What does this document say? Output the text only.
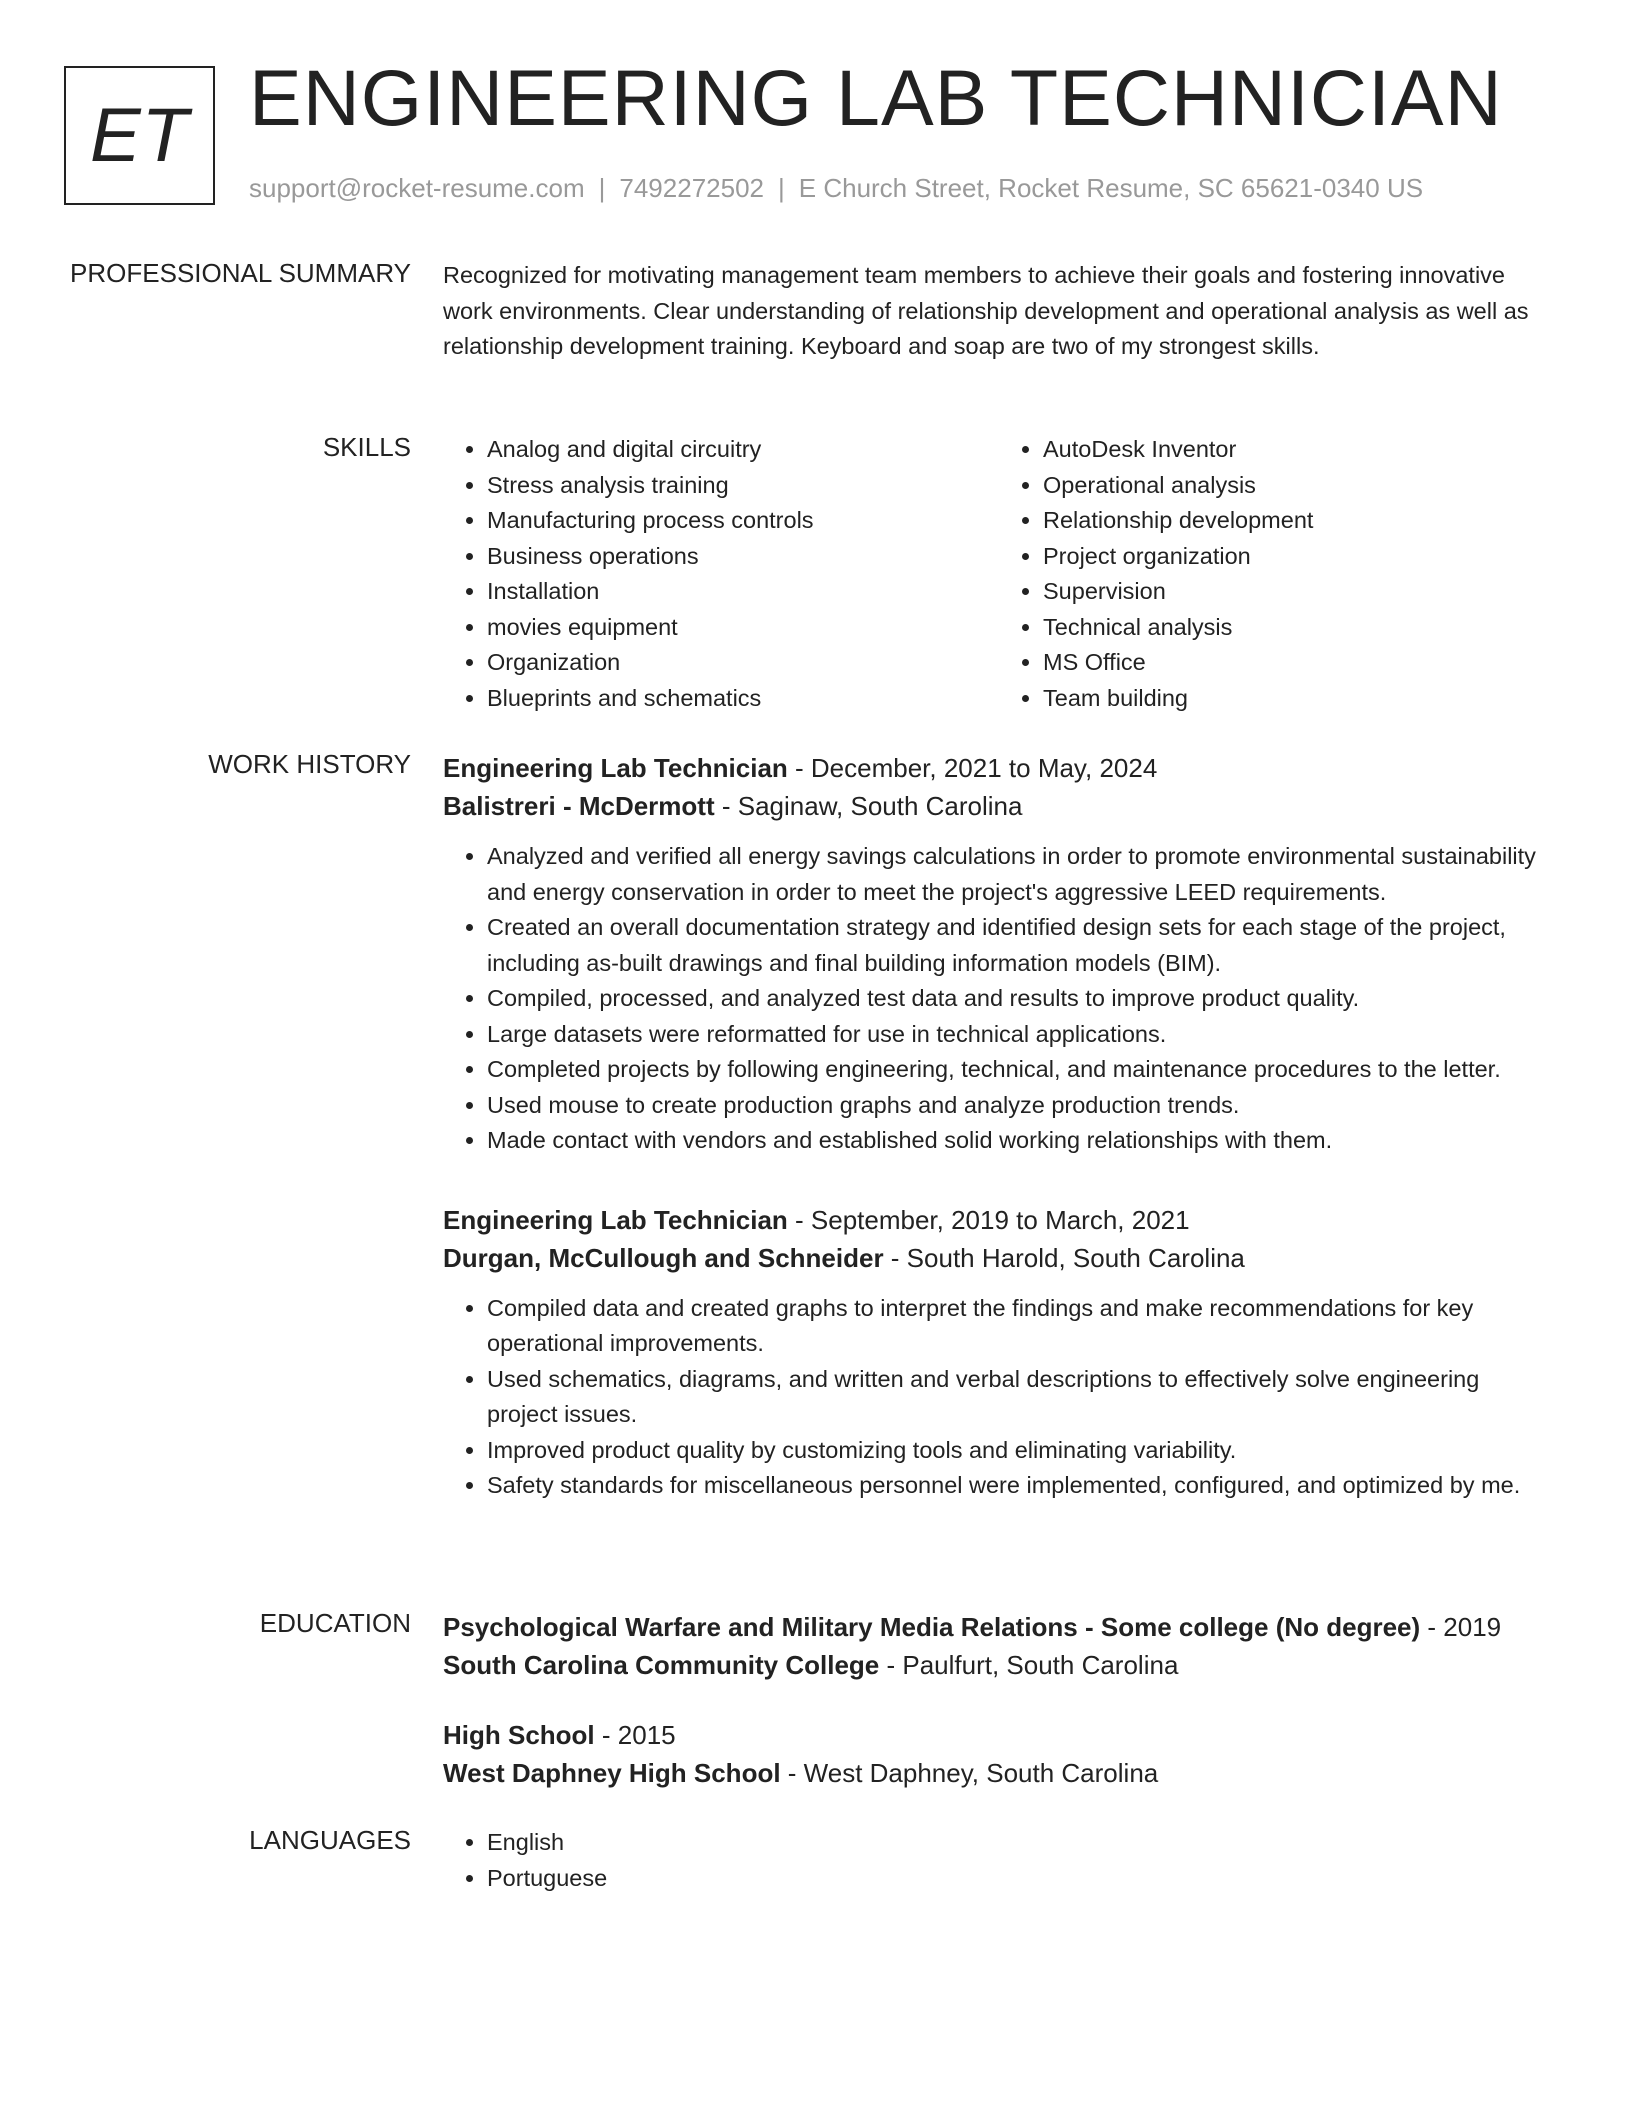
ET ENGINEERING LAB TECHNICIAN
support@rocket-resume.com | 7492272502 | E Church Street, Rocket Resume, SC 65621-0340 US
PROFESSIONAL SUMMARY Recognized for motivating management team members to achieve their goals and fostering innovative work environments. Clear understanding of relationship development and operational analysis as well as relationship development training. Keyboard and soap are two of my strongest skills.

SKILLS	• Analog and digital circuitry
• Stress analysis training
• Manufacturing process controls
• Business operations
• Installation
• movies equipment
• Organization
• Blueprints and schematics
• AutoDesk Inventor
• Operational analysis
• Relationship development
• Project organization
• Supervision
• Technical analysis
• MS Office
• Team building
WORK HISTORY Engineering Lab Technician - December, 2021 to May, 2024
Balistreri - McDermott - Saginaw, South Carolina
• Analyzed and verified all energy savings calculations in order to promote environmental sustainability and energy conservation in order to meet the project's aggressive LEED requirements.
• Created an overall documentation strategy and identified design sets for each stage of the project, including as-built drawings and final building information models (BIM).
• Compiled, processed, and analyzed test data and results to improve product quality.
• Large datasets were reformatted for use in technical applications.
• Completed projects by following engineering, technical, and maintenance procedures to the letter.
• Used mouse to create production graphs and analyze production trends.
• Made contact with vendors and established solid working relationships with them.
Engineering Lab Technician - September, 2019 to March, 2021
Durgan, McCullough and Schneider - South Harold, South Carolina
• Compiled data and created graphs to interpret the findings and make recommendations for key operational improvements.
• Used schematics, diagrams, and written and verbal descriptions to effectively solve engineering project issues.
• Improved product quality by customizing tools and eliminating variability.
• Safety standards for miscellaneous personnel were implemented, configured, and optimized by me.
EDUCATION Psychological Warfare and Military Media Relations - Some college (No degree) - 2019
South Carolina Community College - Paulfurt, South Carolina
High School - 2015
West Daphney High School - West Daphney, South Carolina
LANGUAGES	• English
• Portuguese
